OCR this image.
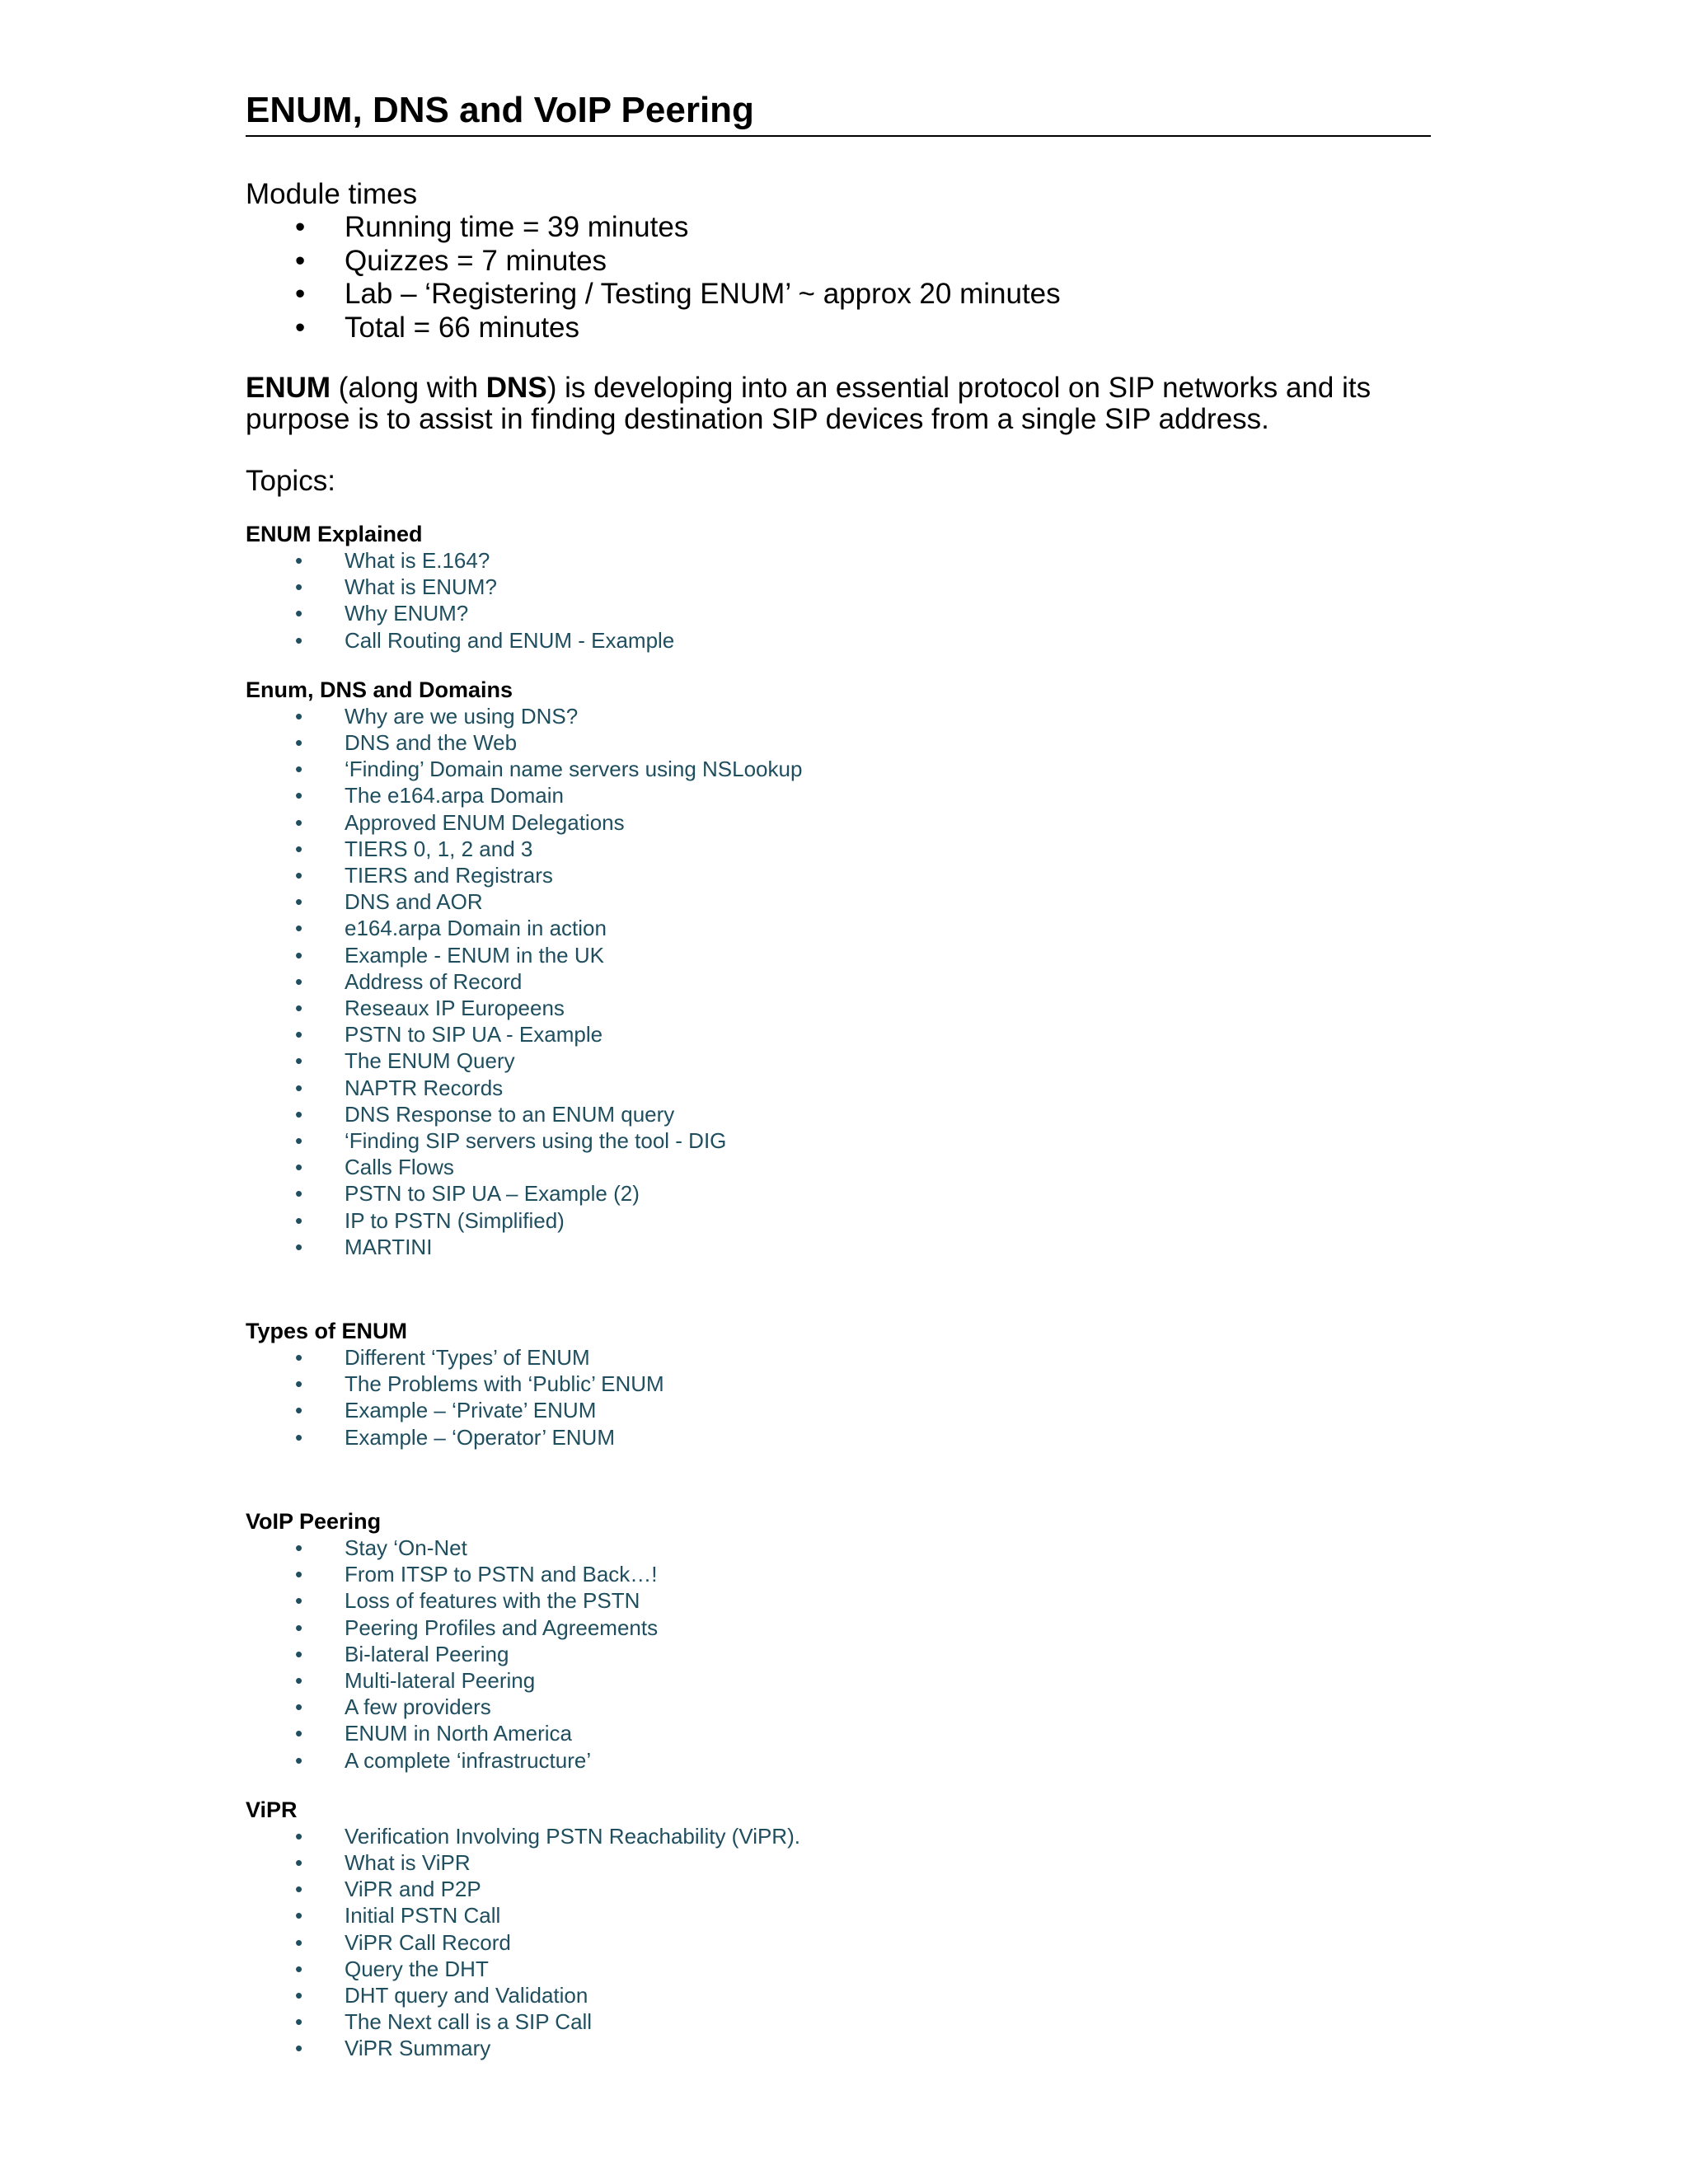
ENUM, DNS and VoIP Peering
Module times
• Running time = 39 minutes
• Quizzes = 7 minutes
• Lab – ‘Registering / Testing ENUM’ ~ approx 20 minutes
• Total = 66 minutes
ENUM (along with DNS) is developing into an essential protocol on SIP networks and its purpose is to assist in finding destination SIP devices from a single SIP address.
Topics:
ENUM Explained
• What is E.164?
• What is ENUM?
• Why ENUM?
• Call Routing and ENUM - Example
Enum, DNS and Domains
• Why are we using DNS?
• DNS and the Web
• ‘Finding’ Domain name servers using NSLookup
• The e164.arpa Domain
• Approved ENUM Delegations
• TIERS 0, 1, 2 and 3
• TIERS and Registrars
• DNS and AOR
• e164.arpa Domain in action
• Example - ENUM in the UK
• Address of Record
• Reseaux IP Europeens
• PSTN to SIP UA - Example
• The ENUM Query
• NAPTR Records
• DNS Response to an ENUM query
• ‘Finding SIP servers using the tool - DIG
• Calls Flows
• PSTN to SIP UA – Example (2)
• IP to PSTN (Simplified)
• MARTINI
Types of ENUM
• Different ‘Types’ of ENUM
• The Problems with ‘Public’ ENUM
• Example – ‘Private’ ENUM
• Example – ‘Operator’ ENUM
VoIP Peering
• Stay ‘On-Net
• From ITSP to PSTN and Back…!
• Loss of features with the PSTN
• Peering Profiles and Agreements
• Bi-lateral Peering
• Multi-lateral Peering
• A few providers
• ENUM in North America
• A complete ‘infrastructure’
ViPR
• Verification Involving PSTN Reachability (ViPR).
• What is ViPR
• ViPR and P2P
• Initial PSTN Call
• ViPR Call Record
• Query the DHT
• DHT query and Validation
• The Next call is a SIP Call
• ViPR Summary
